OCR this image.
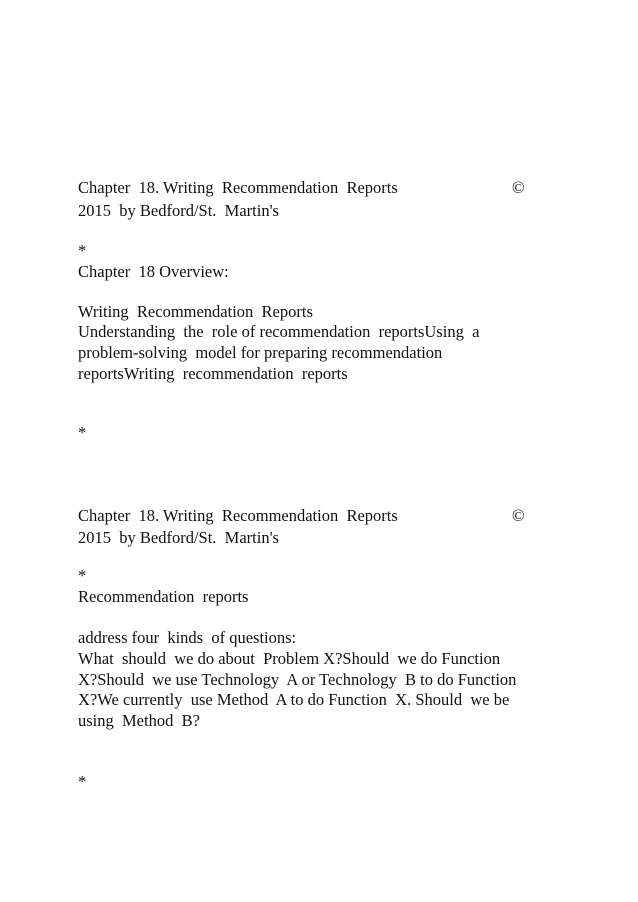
Chapter  18. Writing  Recommendation  Reports	©
2015  by Bedford/St.  Martin's
*
Chapter  18 Overview:
Writing  Recommendation  Reports
Understanding  the  role of recommendation  reportsUsing  a
problem-solving  model for preparing recommendation
reportsWriting  recommendation  reports
*
Chapter  18. Writing  Recommendation  Reports	©
2015  by Bedford/St.  Martin's
*
Recommendation  reports
address four  kinds  of questions:
What  should  we do about  Problem X?Should  we do Function
X?Should  we use Technology  A or Technology  B to do Function
X?We currently  use Method  A to do Function  X. Should  we be
using  Method  B?
*
